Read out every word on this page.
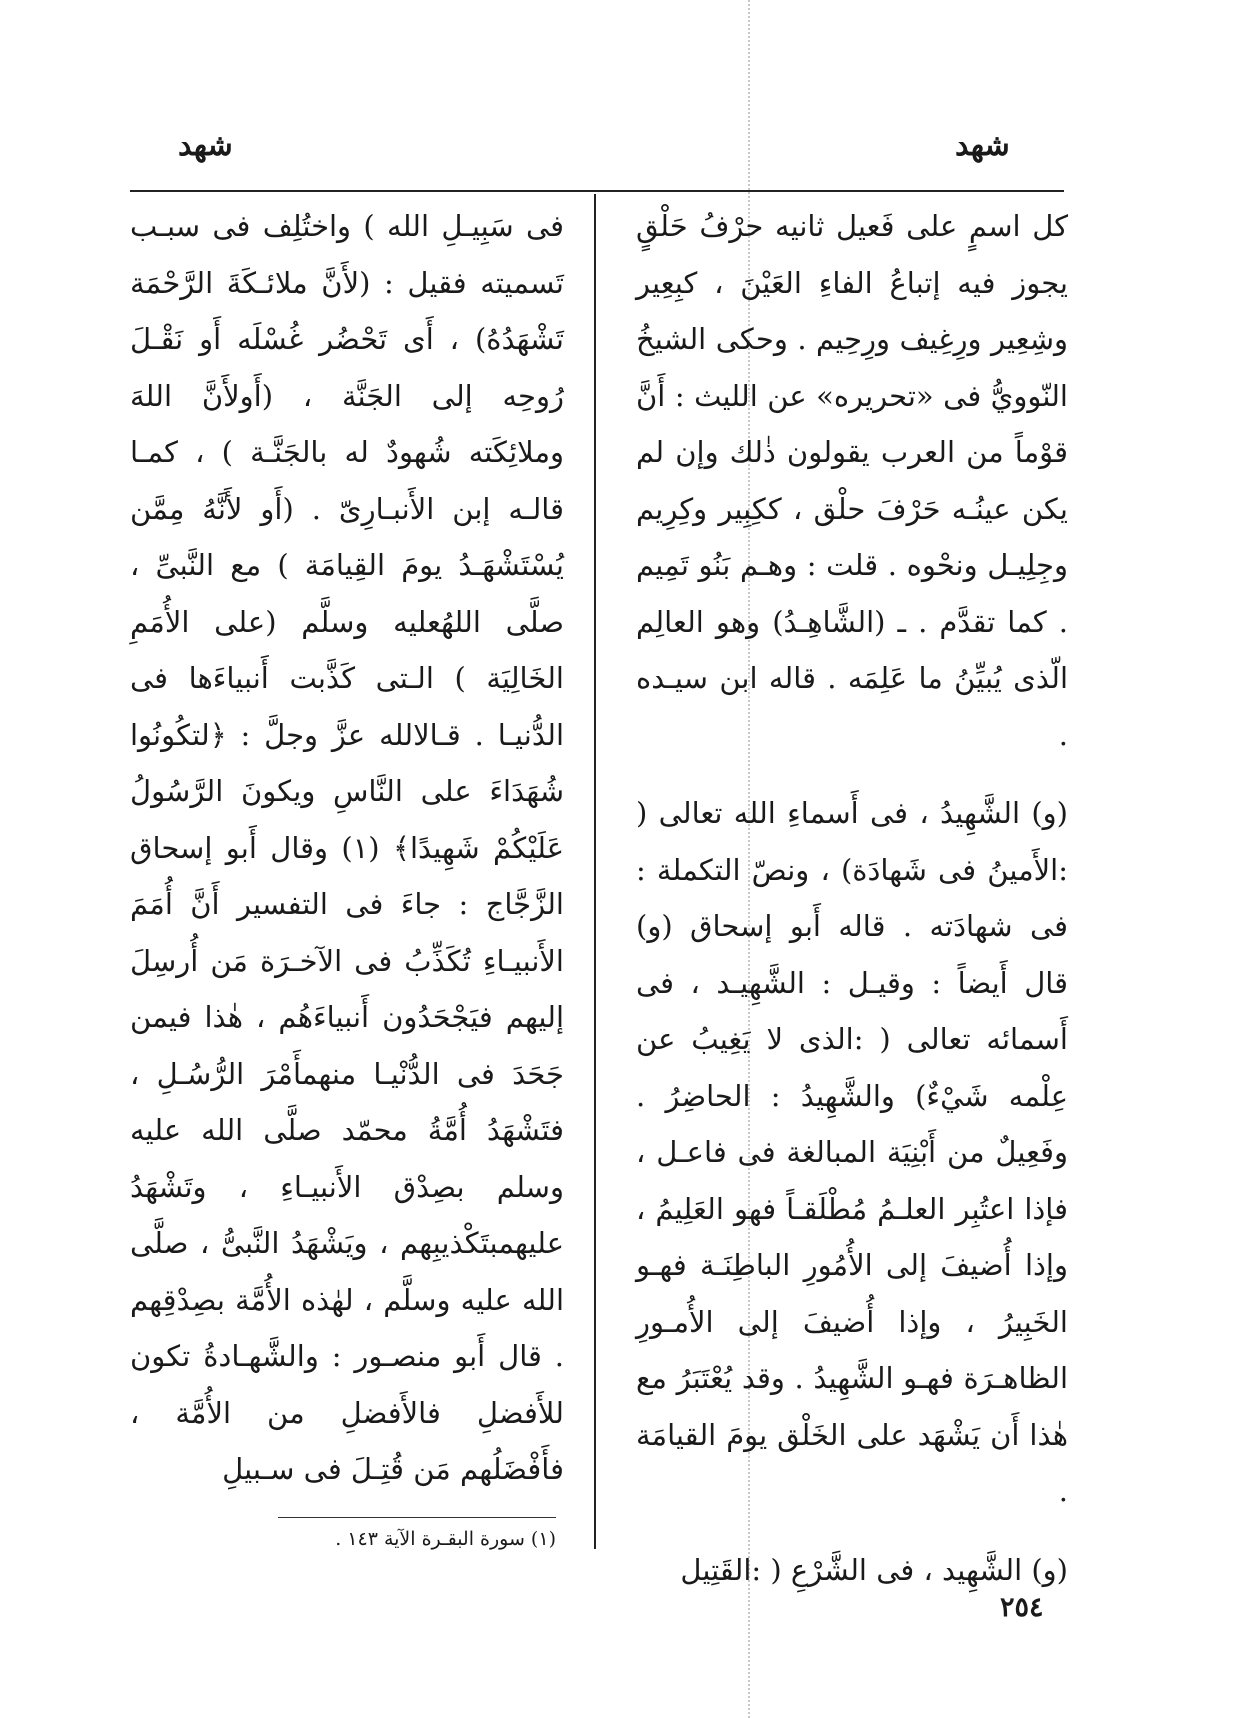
شهد
شهد

كل اسمٍ على فَعيل ثانيه حرْفُ حَلْقٍ يجوز فيه إتباعُ الفاءِ العَيْنَ ، كبِعِير وشِعِير ورِغِيف ورِحِيم . وحكى الشيخُ النّوويُّ فى «تحريره» عن الليث : أَنَّ قوْماً من العرب يقولون ذٰلك وإن لم يكن عينُـه حَرْفَ حلْق ، ككِبِير وكِرِيم وجِلِيـل ونحْوه . قلت : وهـم بَنُو تَمِيم . كما تقدَّم . ـ (الشَّاهِـدُ) وهو العالِم الّذى يُبيِّنُ ما عَلِمَه . قاله ابن سيـده .

(و) الشَّهِيدُ ، فى أَسماءِ الله تعالى ( :الأَمينُ فى شَهادَة) ، ونصّ التكملة : فى شهادَته . قاله أَبو إسحاق (و) قال أَيضاً : وقيـل : الشَّهِيـد ، فى أَسمائه تعالى ( :الذى لا يَغِيبُ عن عِلْمه شَيْءٌ) والشَّهِيدُ : الحاضِرُ . وفَعِيلٌ من أَبْنِيَة المبالغة فى فاعـل ، فإذا اعتُبِر العلـمُ مُطْلَقـاً فهو العَلِيمُ ، وإذا أُضيفَ إلى الأُمُورِ الباطِنَـة فهـو الخَبِيرُ ، وإذا أُضيفَ إلى الأُمـورِ الظاهـرَة فهـو الشَّهِيدُ . وقد يُعْتَبَرُ مع هٰذا أَن يَشْهَد على الخَلْق يومَ القيامَة .

(و) الشَّهِيد ، فى الشَّرْعِ ( :القَتِيل

فى سَبِيـلِ الله ) واختُلِف فى سبـب تَسميته فقيل : (لأَنَّ ملائـكَةَ الرَّحْمَة تَشْهَدُهُ) ، أَى تَحْضُر غُسْلَه أَو نَقْـلَ رُوحِه إلى الجَنَّة ، (أَولأَنَّ اللهَ وملائِكَته شُهودٌ له بالجَنَّـة ) ، كمـا قالـه إبن الأَنبـارِىّ . (أَو لأَنَّهُ مِمَّن يُسْتَشْهَـدُ يومَ القِيامَة ) مع النَّبىِّ ، صلَّى اللهُعليه وسلَّم (على الأُمَمِ الخَالِيَة ) الـتى كَذَّبت أَنبياءَها فى الدُّنيـا . قـالالله عزَّ وجلَّ : ﴿لتكُونُوا شُهَدَاءَ على النَّاسِ ويكونَ الرَّسُولُ عَلَيْكُمْ شَهِيدًا﴾ (١) وقال أَبو إسحاق الزَّجَّاج : جاءَ فى التفسير أَنَّ أُمَمَ الأَنبيـاءِ تُكَذِّبُ فى الآخـرَة مَن أُرسِلَ إليهم فيَجْحَدُون أَنبياءَهُم ، هٰذا فيمن جَحَدَ فى الدُّنْيـا منهمأَمْرَ الرُّسُـلِ ، فتَشْهَدُ أُمَّةُ محمّد صلَّى الله عليه وسلم بصِدْق الأَنبيـاءِ ، وتَشْهَدُ عليهمبتَكْذيبِهم ، ويَشْهَدُ النَّبىُّ ، صلَّى الله عليه وسلَّم ، لهٰذه الأُمَّة بصِدْقِهم . قال أَبو منصـور : والشَّهـادةُ تكون للأَفضلِ فالأَفضلِ من الأُمَّة ، فأَفْضَلُهم مَن قُتِـلَ فى سـبيلِ

(١) سورة البقـرة الآية ١٤٣ .
٢٥٤
